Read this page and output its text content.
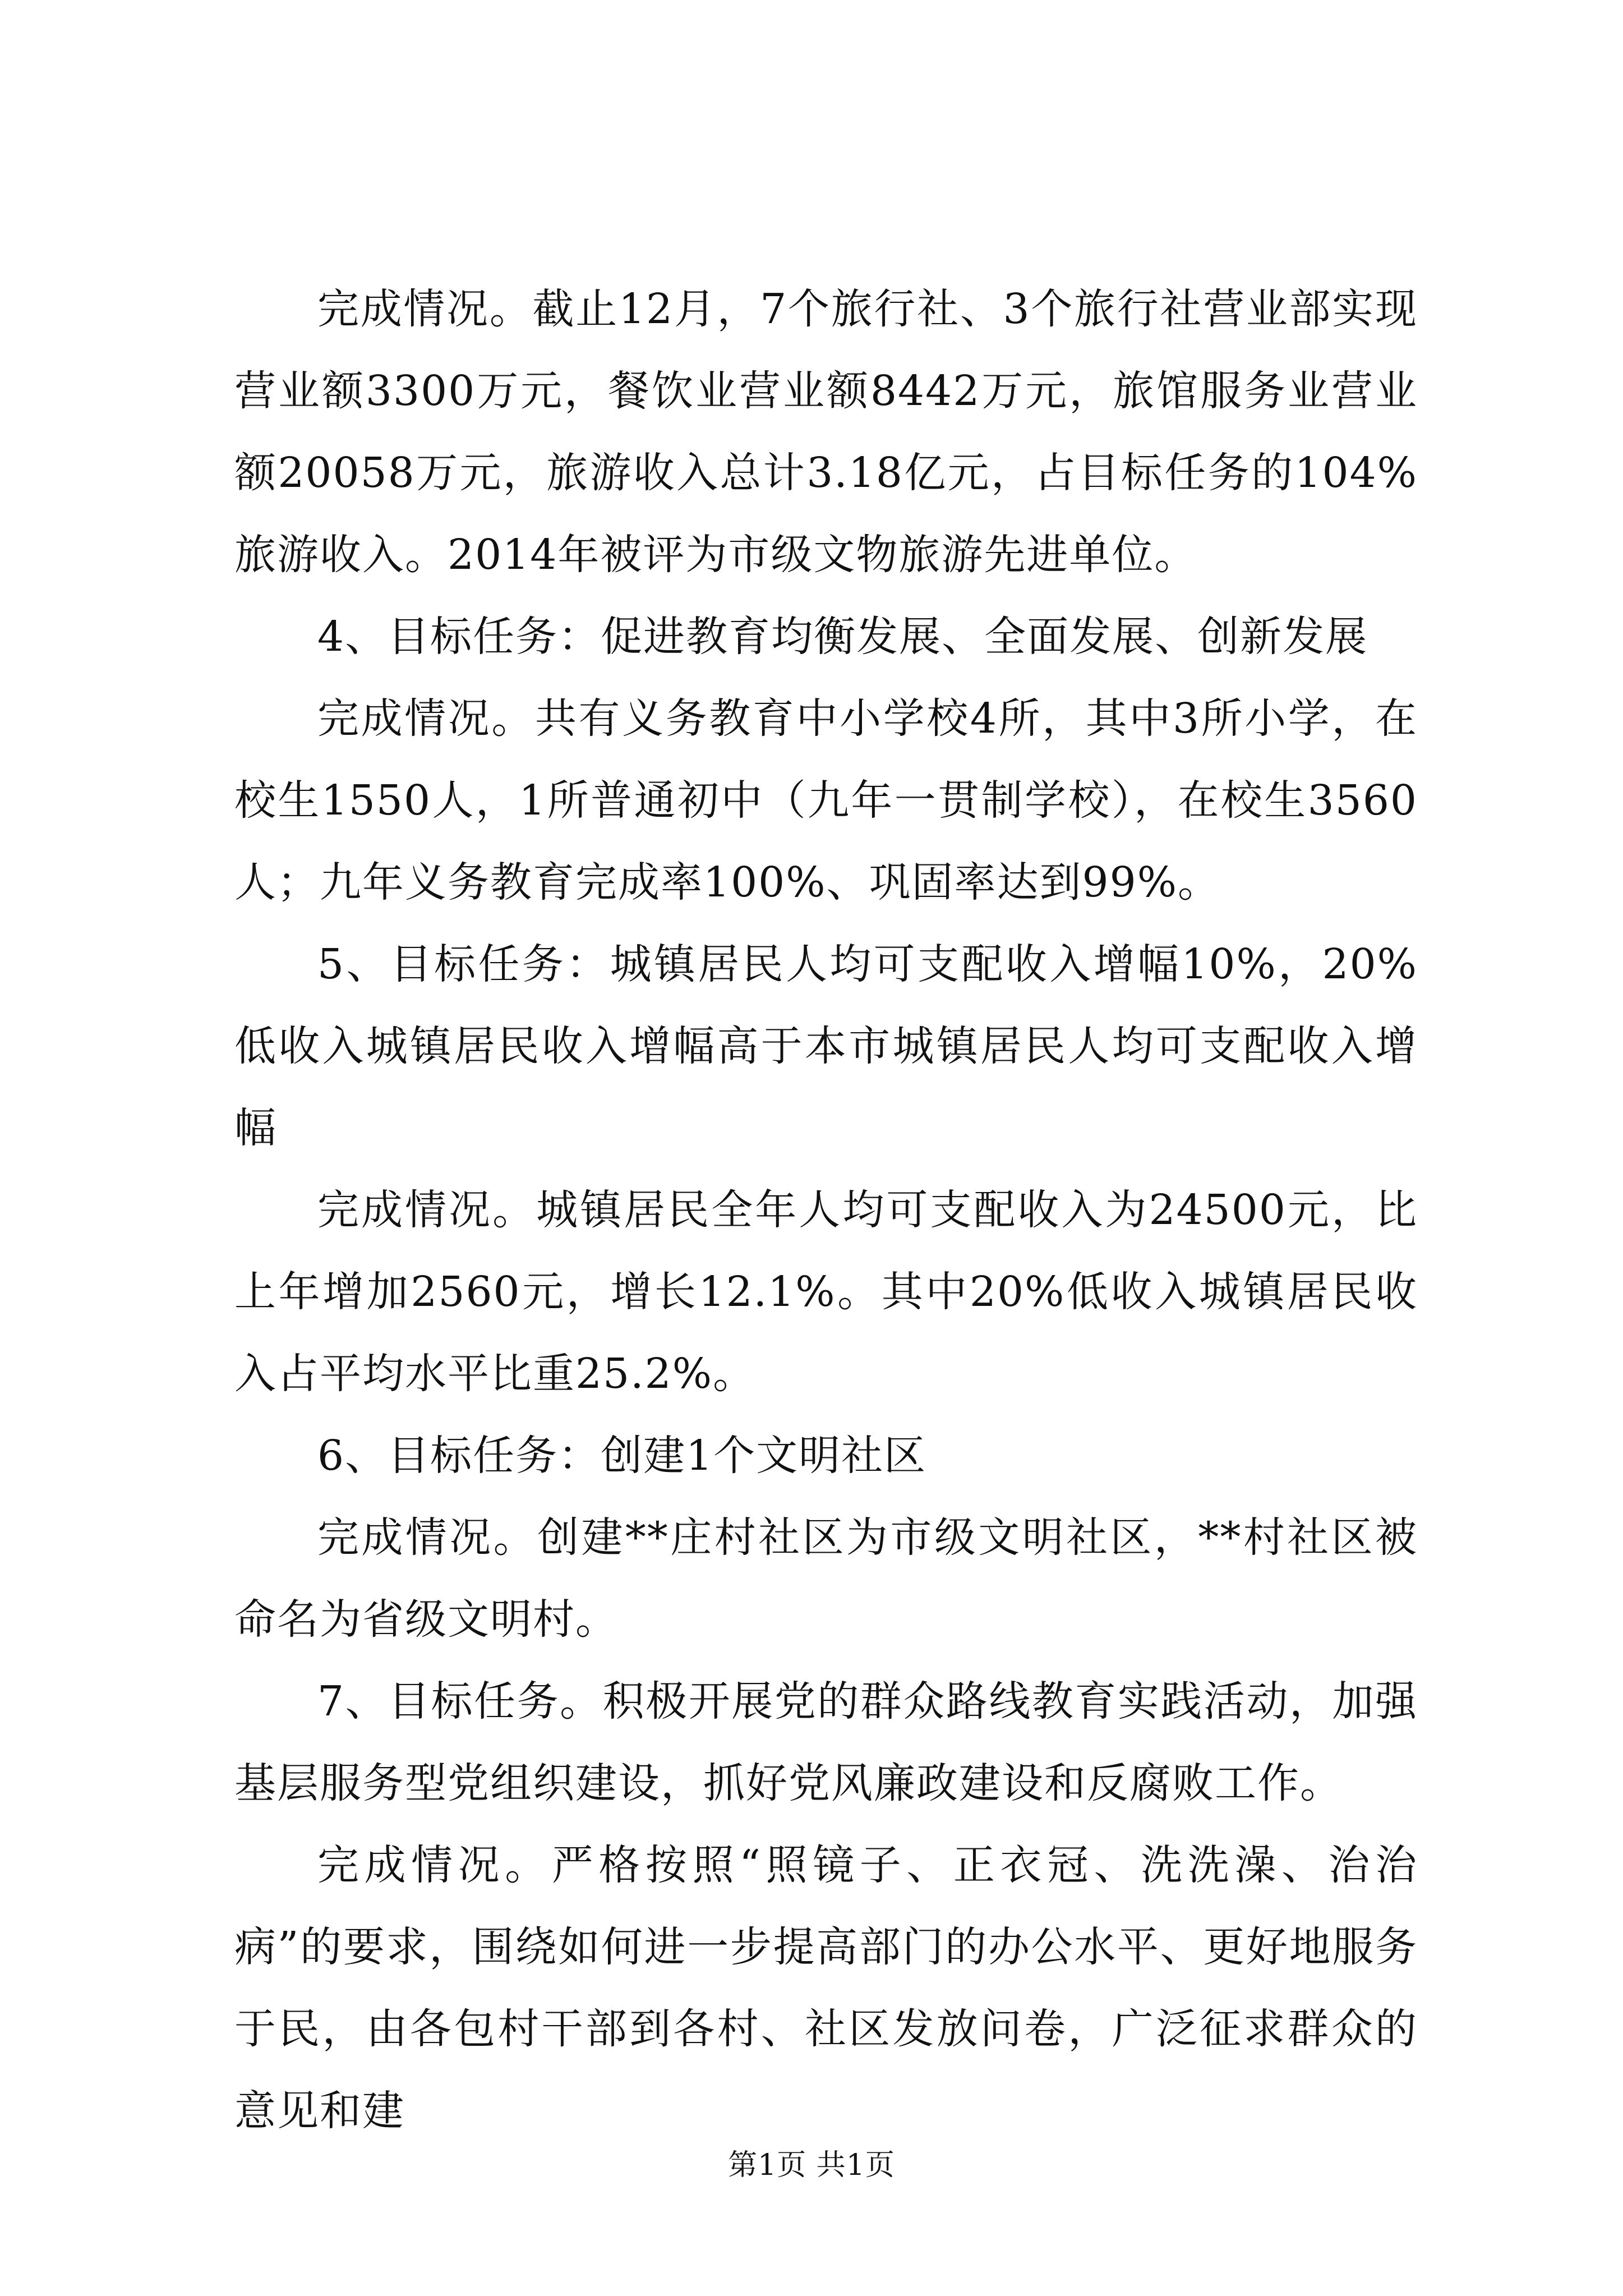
完成情况。截止12月，7个旅行社、3个旅行社营业部实现营业额3300万元，餐饮业营业额8442万元，旅馆服务业营业额20058万元，旅游收入总计3.18亿元，占目标任务的104%旅游收入。2014年被评为市级文物旅游先进单位。

4、目标任务：促进教育均衡发展、全面发展、创新发展

完成情况。共有义务教育中小学校4所，其中3所小学，在校生1550人，1所普通初中（九年一贯制学校），在校生3560人；九年义务教育完成率100%、巩固率达到99%。

5、目标任务：城镇居民人均可支配收入增幅10%，20%低收入城镇居民收入增幅高于本市城镇居民人均可支配收入增幅

完成情况。城镇居民全年人均可支配收入为24500元，比上年增加2560元，增长12.1%。其中20%低收入城镇居民收入占平均水平比重25.2%。

6、目标任务：创建1个文明社区

完成情况。创建**庄村社区为市级文明社区，**村社区被命名为省级文明村。

7、目标任务。积极开展党的群众路线教育实践活动，加强基层服务型党组织建设，抓好党风廉政建设和反腐败工作。

完成情况。严格按照“照镜子、正衣冠、洗洗澡、治治病”的要求，围绕如何进一步提高部门的办公水平、更好地服务于民，由各包村干部到各村、社区发放问卷，广泛征求群众的意见和建

第1页 共1页
